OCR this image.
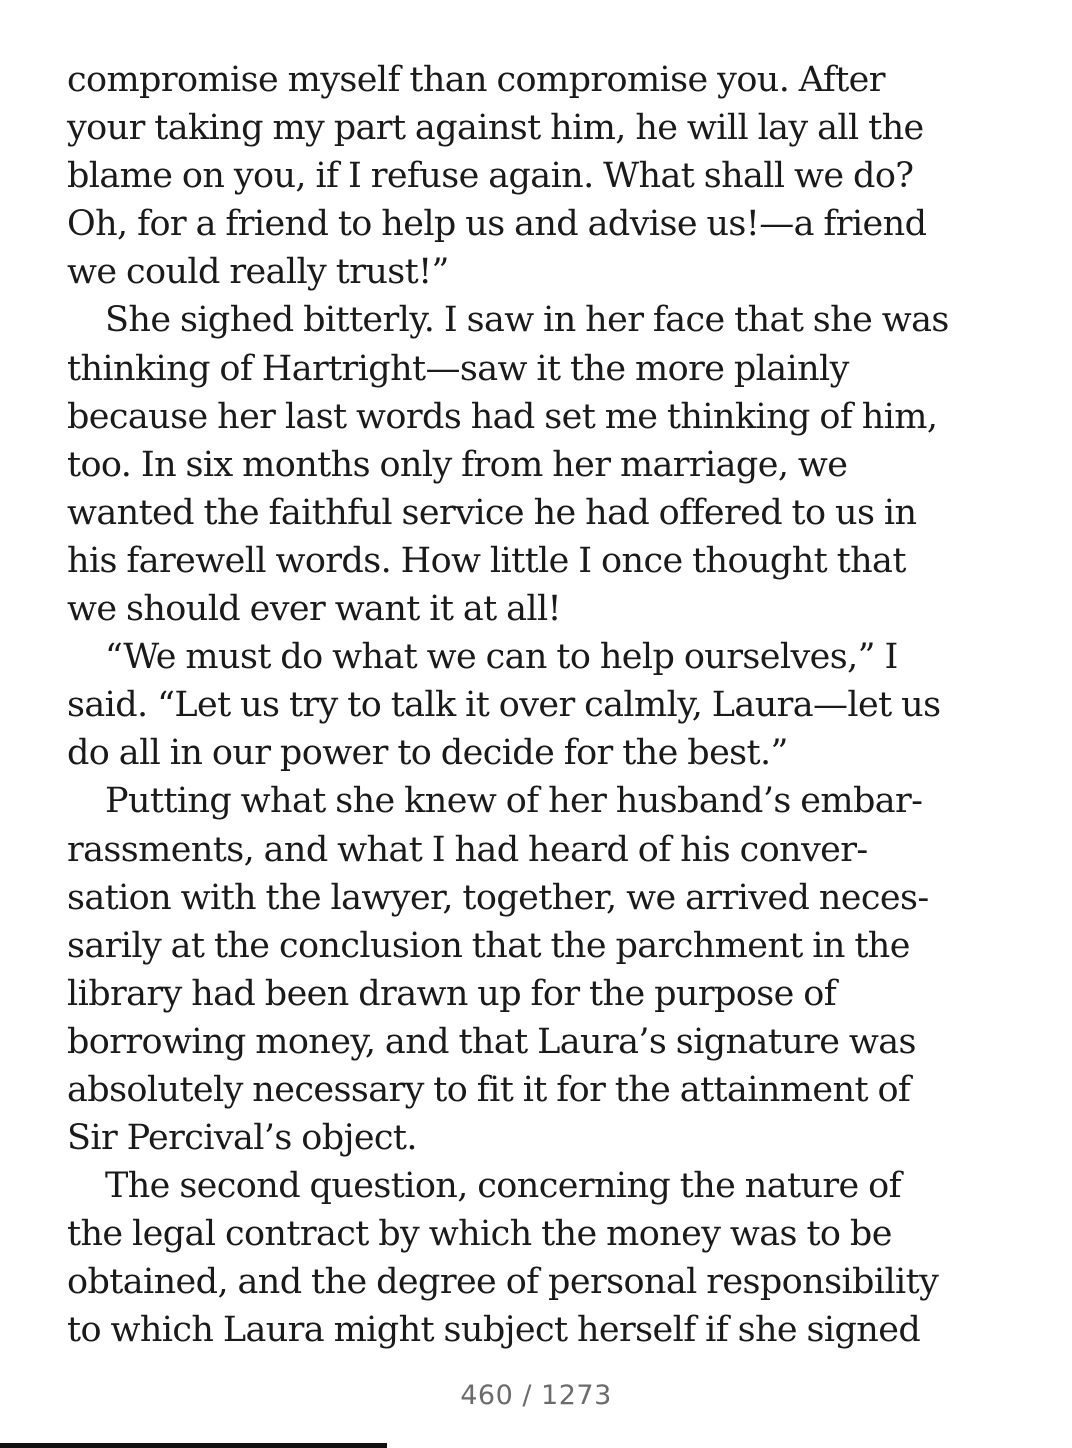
compromise myself than compromise you. After
your taking my part against him, he will lay all the
blame on you, if I refuse again. What shall we do?
Oh, for a friend to help us and advise us!—a friend
we could really trust!”

She sighed bitterly. I saw in her face that she was
thinking of Hartright—saw it the more plainly
because her last words had set me thinking of him,
too. In six months only from her marriage, we
wanted the faithful service he had offered to us in
his farewell words. How little I once thought that
we should ever want it at all!

“We must do what we can to help ourselves,” I
said. “Let us try to talk it over calmly, Laura—let us
do all in our power to decide for the best.”

Putting what she knew of her husband’s embar-
rassments, and what I had heard of his conver-
sation with the lawyer, together, we arrived neces-
sarily at the conclusion that the parchment in the
library had been drawn up for the purpose of
borrowing money, and that Laura’s signature was
absolutely necessary to fit it for the attainment of
Sir Percival’s object.

The second question, concerning the nature of
the legal contract by which the money was to be
obtained, and the degree of personal responsibility
to which Laura might subject herself if she signed

460 / 1273
